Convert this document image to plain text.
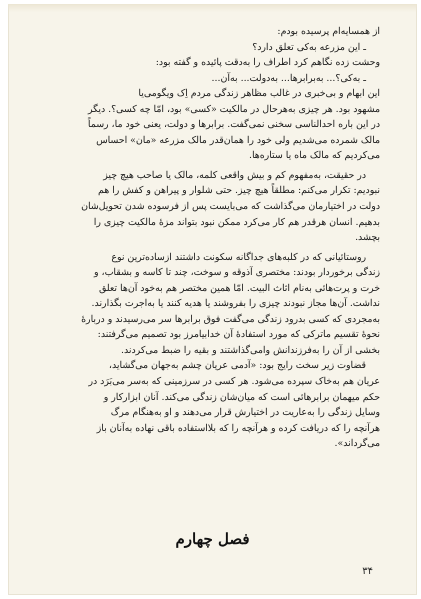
از همسایه‌ام پرسیده بودم:
ـ این مزرعه به‌کی تعلق دارد؟
وحشت زده نگاهم کرد اطراف را به‌دقت پائیده و گفته بود:
ـ به‌کی؟... به‌برابرها... به‌دولت... به‌آن...
این ابهام و بی‌خبری در غالب مظاهر زندگی مردم اِک ویگومی‌یا
مشهود بود. هر چیزی به‌هرحال در مالکیت «کسی» بود، امّا چه کسی؟. دیگر
در این باره احدالناسی سخنی نمی‌گفت. برابرها و دولت، یعنی خود ما، رسماً
مالک شمرده می‌شدیم ولی خود را همان‌قدر مالک مزرعه «مان» احساس
می‌کردیم که مالک ماه یا ستاره‌ها.
در حقیقت، به‌مفهوم کم و بیش واقعی کلمه، مالک یا صاحب هیچ چیز
نبودیم: تکرار می‌کنم: مطلقاً هیچ چیز. حتی شلوار و پیراهن و کفش را هم
دولت در اختیارمان می‌گذاشت که می‌بایست پس از فرسوده شدن تحویل‌شان
بدهیم. انسان هرقدر هم کار می‌کرد ممکن نبود بتواند مزهٔ مالکیت چیزی را
بچشد.
روستائیانی که در کلبه‌های جداگانه سکونت داشتند ازساده‌ترین نوع
زندگی برخوردار بودند: مختصری آذوقه و سوخت، چند تا کاسه و بشقاب، و
خرت و پرت‌هائی به‌نام اثاث البیت. امّا همین مختصر هم به‌خود آن‌ها تعلق
نداشت. آن‌ها مجاز نبودند چیزی را بفروشند یا هدیه کنند یا به‌اجرت بگذارند.
به‌مجردی که کسی بدرود زندگی می‌گفت فوق برابرها سر می‌رسیدند و دربارهٔ
نحوهٔ تقسیم ماترکی که مورد استفادهٔ آن خدابیامرز بود تصمیم می‌گرفتند:
بخشی از آن را به‌فرزندانش وامی‌گذاشتند و بقیه را ضبط می‌کردند.
قضاوت زیر سخت رایج بود: «آدمی عریان چشم به‌جهان می‌گشاید،
عریان هم به‌خاک سپرده می‌شود. هر کسی در سرزمینی که به‌سر می‌بَرَد در
حکم میهمان برابرهائی است که میان‌شان زندگی می‌کند. آنان ابزارکار و
وسایل زندگی را به‌عاریت در اختیارش قرار می‌دهند و او به‌هنگام مرگ
هرآنچه را که دریافت کرده و هرآنچه را که بلااستفاده باقی نهاده به‌آنان باز
می‌گرداند».
فصل چهارم
۳۴
